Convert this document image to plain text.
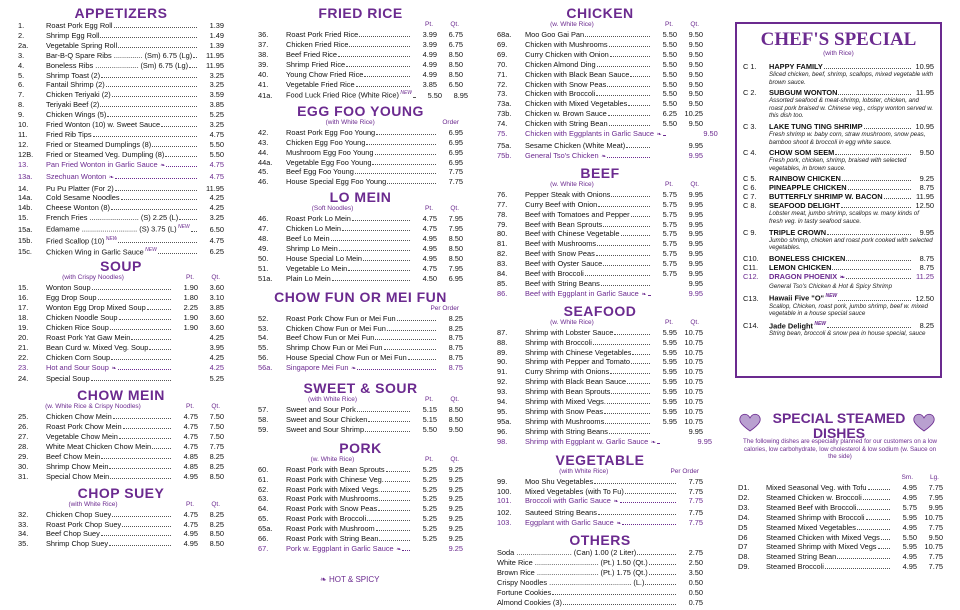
APPETIZERS
1.	Roast Pork Egg Roll	1.39
2.	Shrimp Egg Roll	1.49
2a.	Vegetable Spring Roll	1.39
3.	Bar-B-Q Spare Ribs .............. (Sm) 6.75 (Lg)	11.95
4.	Boneless Ribs ..................... (Sm) 6.75 (Lg)	11.95
5.	Shrimp Toast (2)	3.25
6.	Fantail Shrimp (2)	3.25
7.	Chicken Teriyaki (2)	3.59
8.	Teriyaki Beef (2)	3.85
9.	Chicken Wings (5)	5.25
10.	Fried Wonton (10) w. Sweet Sauce	3.25
11.	Fried Rib Tips	4.75
12.	Fried or Steamed Dumplings (8)	5.50
12B.	Fried or Steamed Veg. Dumpling (8)	5.50
13.	Pan Fried Wonton in Garlic Sauce ❧	4.75
13a.	Szechuan Wonton ❧	4.75
14.	Pu Pu Platter (For 2)	11.95
14a.	Cold Sesame Noodles	4.25
14b.	Cheese Wonton (8)	4.25
15.	French Fries ........................ (S) 2.25 (L)	3.25
15a.	Edamame ........................... (S) 3.75 (L) $^{NEW}$	6.50
15b.	Fried Scallop (10) $^{NEW}$	4.75
15c.	Chicken Wing in Garlic Sauce $^{NEW}$	6.25
SOUP
(with Crispy Noodles)	Pt.	Qt.
15.	Wonton Soup	1.90	3.60
16.	Egg Drop Soup	1.80	3.10
17.	Wonton Egg Drop Mixed Soup	2.25	3.85
18.	Chicken Noodle Soup	1.90	3.60
19.	Chicken Rice Soup	1.90	3.60
20.	Roast Pork Yat Gaw Mein	4.25
21.	Bean Curd w. Mixed Veg. Soup	3.95
22.	Chicken Corn Soup	4.25
23.	Hot and Sour Soup ❧	4.25
24.	Special Soup	5.25
CHOW MEIN
(w. White Rice & Crispy Noodles)	Pt.	Qt.
25.	Chicken Chow Mein	4.75	7.50
26.	Roast Pork Chow Mein	4.75	7.50
27.	Vegetable Chow Mein	4.75	7.50
28.	White Meat Chicken Chow Mein	4.75	7.75
29.	Beef Chow Mein	4.85	8.25
30.	Shrimp Chow Mein	4.85	8.25
31.	Special Chow Mein	4.95	8.50
CHOP SUEY
(with White Rice)	Pt.	Qt.
32.	Chicken Chop Suey	4.75	8.25
33.	Roast Pork Chop Suey	4.75	8.25
34.	Beef Chop Suey	4.95	8.50
35.	Shrimp Chop Suey	4.95	8.50
FRIED RICE
Pt.	Qt.
36.	Roast Pork Fried Rice	3.99	6.75
37.	Chicken Fried Rice	3.99	6.75
38.	Beef Fried Rice	4.99	8.50
39.	Shrimp Fried Rice	4.99	8.50
40.	Young Chow Fried Rice	4.99	8.50
41.	Vegetable Fried Rice	3.85	6.50
41a.	Food Luck Fried Rice (White Rice) $^{NEW}$	5.50	8.95
EGG FOO YOUNG
(with White Rice)	Order
42.	Roast Pork Egg Foo Young	6.95
43.	Chicken Egg Foo Young	6.95
44.	Mushroom Egg Foo Young	6.95
44a.	Vegetable Egg Foo Young	6.95
45.	Beef Egg Foo Young	7.75
46.	House Special Egg Foo Young	7.75
LO MEIN
(Soft Noodles)	Pt.	Qt.
46.	Roast Pork Lo Mein	4.75	7.95
47.	Chicken Lo Mein	4.75	7.95
48.	Beef Lo Mein	4.95	8.50
49.	Shrimp Lo Mein	4.95	8.50
50.	House Special Lo Mein	4.95	8.50
51.	Vegetable Lo Mein	4.75	7.95
51a.	Plain Lo Mein	4.50	6.95
CHOW FUN OR MEI FUN
Per Order
52.	Roast Pork Chow Fun or Mei Fun	8.25
53.	Chicken Chow Fun or Mei Fun	8.25
54.	Beef Chow Fun or Mei Fun	8.75
55.	Shrimp Chow Fun or Mei Fun	8.75
56.	House Special Chow Fun or Mei Fun	8.75
56a.	Singapore Mei Fun ❧	8.75
SWEET & SOUR
(with White Rice)	Pt.	Qt.
57.	Sweet and Sour Pork	5.15	8.50
58.	Sweet and Sour Chicken	5.15	8.50
59.	Sweet and Sour Shrimp	5.50	9.50
PORK
(w. White Rice)	Pt.	Qt.
60.	Roast Pork with Bean Sprouts	5.25	9.25
61.	Roast Pork with Chinese Veg.	5.25	9.25
62.	Roast Pork with Mixed Vegs.	5.25	9.25
63.	Roast Pork with Mushrooms	5.25	9.25
64.	Roast Pork with Snow Peas	5.25	9.25
65.	Roast Pork with Broccoli	5.25	9.25
65a.	Roast Pork with Mushroom	5.25	9.25
66.	Roast Pork with String Bean	5.25	9.25
67.	Pork w. Eggplant in Garlic Sauce ❧	9.25
❧ HOT & SPICY
CHICKEN
(w. White Rice)	Pt.	Qt.
68a.	Moo Goo Gai Pan	5.50	9.50
69.	Chicken with Mushrooms	5.50	9.50
69.	Curry Chicken with Onion	5.50	9.50
70.	Chicken Almond Ding	5.50	9.50
71.	Chicken with Black Bean Sauce	5.50	9.50
72.	Chicken with Snow Peas	5.50	9.50
73.	Chicken with Broccoli	5.50	9.50
73a.	Chicken with Mixed Vegetables	5.50	9.50
73b.	Chicken w. Brown Sauce	6.25	10.25
74.	Chicken with String Bean	5.50	9.50
75.	Chicken with Eggplants in Garlic Sauce ❧	9.50
75a.	Sesame Chicken (White Meat)	9.95
75b.	General Tso's Chicken ❧	9.95
BEEF
(w. White Rice)	Pt.	Qt.
76.	Pepper Steak with Onions	5.75	9.95
77.	Curry Beef with Onion	5.75	9.95
78.	Beef with Tomatoes and Pepper	5.75	9.95
79.	Beef with Bean Sprouts	5.75	9.95
80.	Beef with Chinese Vegetable	5.75	9.95
81.	Beef with Mushrooms	5.75	9.95
82.	Beef with Snow Peas	5.75	9.95
83.	Beef with Oyster Sauce	5.75	9.95
84.	Beef with Broccoli	5.75	9.95
85.	Beef with String Beans	9.95
86.	Beef with Eggplant in Garlic Sauce ❧	9.95
SEAFOOD
(w. White Rice)	Pt.	Qt.
87.	Shrimp with Lobster Sauce	5.95	10.75
88.	Shrimp with Broccoli	5.95	10.75
89.	Shrimp with Chinese Vegetables	5.95	10.75
90.	Shrimp with Pepper and Tomato	5.95	10.75
91.	Curry Shrimp with Onions	5.95	10.75
92.	Shrimp with Black Bean Sauce	5.95	10.75
93.	Shrimp with Bean Sprouts	5.95	10.75
94.	Shrimp with Mixed Vegs.	5.95	10.75
95.	Shrimp with Snow Peas	5.95	10.75
95a.	Shrimp with Mushrooms	5.95	10.75
96.	Shrimp with String Beans	9.95
98.	Shrimp with Eggplant w. Garlic Sauce ❧	9.95
VEGETABLE
(with White Rice)	Per Order
99.	Moo Shu Vegetables	7.75
100.	Mixed Vegetables (with To Fu)	7.75
101.	Broccoli with Garlic Sauce ❧	7.75
102.	Sauteed String Beans	7.75
103.	Eggplant with Garlic Sauce ❧	7.75
OTHERS
Soda ........................... (Can) 1.00 (2 Liter)	2.75
White Rice ............................... (Pt.) 1.50 (Qt.)	2.50
Brown Rice .............................. (Pt.) 1.75 (Qt.)	3.50
Crispy Noodles ........................................ (L.)	0.50
Fortune Cookies	0.50
Almond Cookies (3)	0.75
CHEF'S SPECIAL
(with Rice)
C 1.	HAPPY FAMILY	10.95
Sliced chicken, beef, shrimp, scallops, mixed vegetable with brown sauce.
C 2.	SUBGUM WONTON	11.95
Assorted seafood & meat-shrimp, lobster, chicken, and roast pork braised w. Chinese veg., crispy wonton served w. this dish too.
C 3.	LAKE TUNG TING SHRIMP	10.95
Fresh shrimp w. baby corn, straw mushroom, snow peas, bamboo shoot & broccoli in egg white sauce.
C 4.	CHOW SOM SEEM	9.50
Fresh pork, chicken, shrimp, braised with selected vegetables, in brown sauce.
C 5.	RAINBOW CHICKEN	9.25
C 6.	PINEAPPLE CHICKEN	8.75
C 7.	BUTTERFLY SHRIMP W. BACON	11.95
C 8.	SEAFOOD DELIGHT	12.50
Lobster meat, jumbo shrimp, scallops w. many kinds of fresh veg. in tasty seafood sauce.
C 9.	TRIPLE CROWN	9.95
Jumbo shrimp, chicken and roast pork cooked with selected vegetables.
C10.	BONELESS CHICKEN	8.75
C11.	LEMON CHICKEN	8.75
C12.	DRAGON PHOENIX ❧	11.25
General Tso's Chicken & Hot & Spicy Shrimp
C13.	Hawaii Five "O" $^{NEW}$	12.50
Scallop, Chicken, roast pork, jumbo shrimp, beef w. mixed vegetable in a house special sauce
C14.	Jade Delight $^{NEW}$	8.25
String bean, broccoli & snow pea in house special, sauce
SPECIAL STEAMED DISHES
The following dishes are especially planned for our customers on a low calories, low carbohydrate, low cholesterol & low sodium (w. Sauce on the side)
Sm.	Lg.
D1.	Mixed Seasonal Veg. with Tofu	4.95	7.75
D2.	Steamed Chicken w. Broccoli	4.95	7.95
D3.	Steamed Beef with Broccoli	5.75	9.95
D4.	Steamed Shrimp with Broccoli	5.95	10.75
D5	Steamed Mixed Vegetables	4.95	7.75
D6	Steamed Chicken with Mixed Vegs	5.50	9.50
D7	Steamed Shrimp with Mixed Vegs	5.95	10.75
D8.	Steamed String Bean	4.95	7.75
D9.	Steamed Broccoli	4.95	7.75
